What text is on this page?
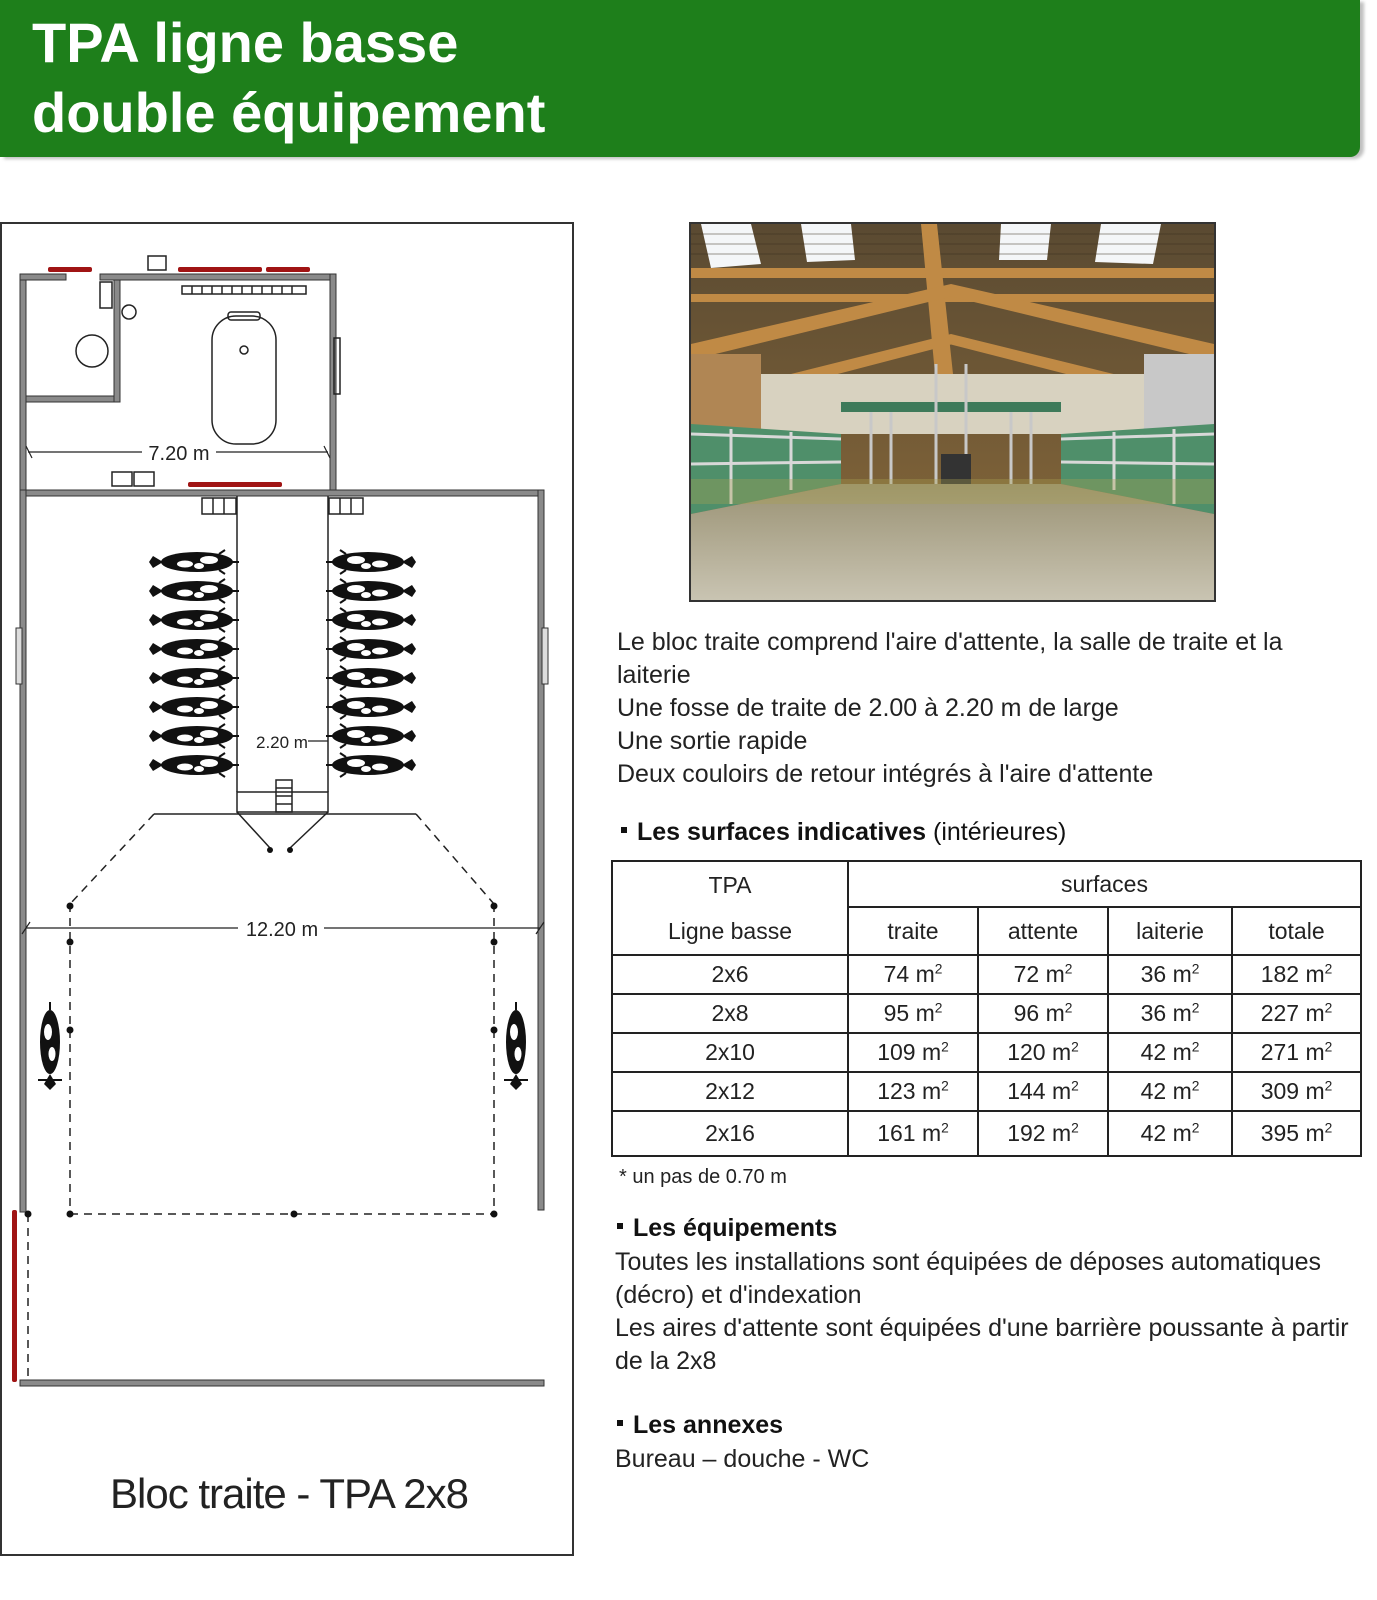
TPA ligne basse
double équipement
7.20 m
2.20 m
12.20 m
Bloc traite - TPA 2x8

Le bloc traite comprend l'aire d'attente, la salle de traite et la laiterie

Une fosse de traite de 2.00 à 2.20 m de large

Une sortie rapide

Deux couloirs de retour intégrés à l'aire d'attente

Les surfaces indicatives (intérieures)
TPA
Ligne basse	surfaces			
	traite	attente	laiterie	totale
2x6	74 $m^2$	72 $m^2$	36 $m^2$	182 $m^2$
2x8	95 $m^2$	96 $m^2$	36 $m^2$	227 $m^2$
2x10	109 $m^2$	120 $m^2$	42 $m^2$	271 $m^2$
2x12	123 $m^2$	144 $m^2$	42 $m^2$	309 $m^2$
2x16	161 $m^2$	192 $m^2$	42 $m^2$	395 $m^2$
* un pas de 0.70 m
Les équipements

Toutes les installations sont équipées de déposes automatiques (décro) et d'indexation

Les aires d'attente sont équipées d'une barrière poussante à partir de la 2x8

Les annexes

Bureau – douche - WC
